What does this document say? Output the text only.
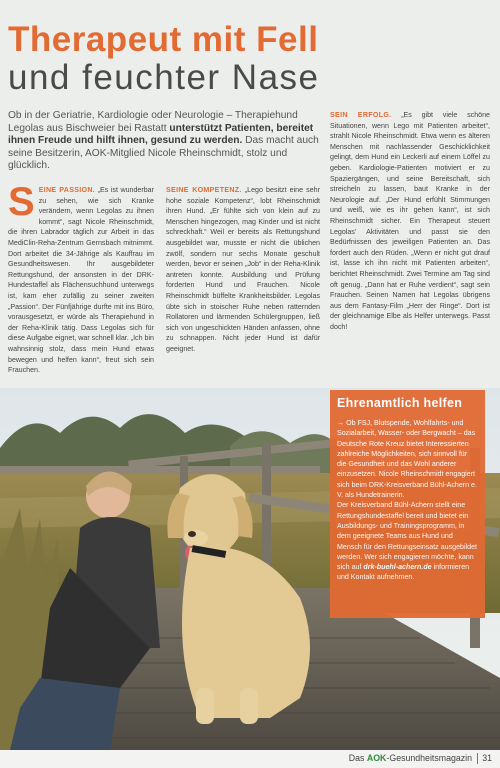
Therapeut mit Fell
und feuchter Nase
Ob in der Geriatrie, Kardiologie oder Neurologie – Therapiehund Legolas aus Bischweier bei Rastatt unterstützt Patienten, bereitet ihnen Freude und hilft ihnen, gesund zu werden. Das macht auch seine Besitzerin, AOK-Mitglied Nicole Rheinschmidt, stolz und glücklich.
SEINE PASSION. „Es ist wunderbar zu sehen, wie sich Kranke verändern, wenn Legolas zu ihnen kommt“, sagt Nicole Rheinschmidt, die ihren Labrador täglich zur Arbeit in das MediClin-Reha-Zentrum Gernsbach mitnimmt. Dort arbeitet die 34-Jährige als Kauffrau im Gesundheitswesen. Ihr ausgebildeter Rettungshund, der ansonsten in der DRK-Hundestaffel als Flächensuchhund unterwegs ist, kam eher zufällig zu seiner zweiten „Passion“. Der Fünfjährige durfte mit ins Büro, vorausgesetzt, er würde als Therapiehund in der Reha-Klinik tätig. Dass Legolas sich für diese Aufgabe eignet, war schnell klar. „Ich bin wahnsinnig stolz, dass mein Hund etwas bewegen und helfen kann“, freut sich sein Frauchen.
SEINE KOMPETENZ. „Lego besitzt eine sehr hohe soziale Kompetenz“, lobt Rheinschmidt ihren Hund. „Er fühlte sich von klein auf zu Menschen hingezogen, mag Kinder und ist nicht schreckhaft.“ Weil er bereits als Rettungshund ausgebildet war, musste er nicht die üblichen zwölf, sondern nur sechs Monate geschult werden, bevor er seinen „Job“ in der Reha-Klinik antreten konnte. Ausbildung und Prüfung forderten Hund und Frauchen. Nicole Rheinschmidt büffelte Krankheitsbilder. Legolas übte sich in stoischer Ruhe neben ratternden Rollatoren und lärmenden Schülergruppen, ließ sich von ungeschickten Händen anfassen, ohne zu schnappen. Nicht jeder Hund ist dafür geeignet.
SEIN ERFOLG. „Es gibt viele schöne Situationen, wenn Lego mit Patienten arbeitet“, strahlt Nicole Rheinschmidt. Etwa wenn es älteren Menschen mit nachlassender Geschicklichkeit gelingt, dem Hund ein Leckerli auf einem Löffel zu geben. Kardiologie-Patienten motiviert er zu Spaziergängen, und seine Bereitschaft, sich streicheln zu lassen, baut Kranke in der Neurologie auf. „Der Hund erfühlt Stimmungen und weiß, wie es ihr gehen kann“, ist sich Rheinschmidt sicher. Ein Therapeut steuert Legolas’ Aktivitäten und passt sie den Bedürfnissen des jeweiligen Patienten an. Das fordert auch den Rüden. „Wenn er nicht gut drauf ist, lasse ich ihn nicht mit Patienten arbeiten“, berichtet Rheinschmidt. Zwei Termine am Tag sind oft genug. „Dann hat er Ruhe verdient“, sagt sein Frauchen. Seinen Namen hat Legolas übrigens aus dem Fantasy-Film „Herr der Ringe“. Dort ist der gleichnamige Elbe als Helfer unterwegs. Passt doch!
Ehrenamtlich helfen
→ Ob FSJ, Blutspende, Wohlfahrts- und Sozialarbeit, Wasser- oder Bergwacht – das Deutsche Rote Kreuz bietet Interessierten zahlreiche Möglichkeiten, sich sinnvoll für die Gesundheit und das Wohl anderer einzusetzen. Nicole Rheinschmidt engagiert sich beim DRK-Kreisverband Bühl-Achern e. V. als Hundetrainerin.
Der Kreisverband Bühl-Achern stellt eine Rettungshundestaffel bereit und bietet ein Ausbildungs- und Trainingsprogramm, in dem geeignete Teams aus Hund und Mensch für den Rettungseinsatz ausgebildet werden. Wer sich engagieren möchte, kann sich auf drk-buehl-achern.de informieren und Kontakt aufnehmen.
Das AOK-Gesundheitsmagazin 31
